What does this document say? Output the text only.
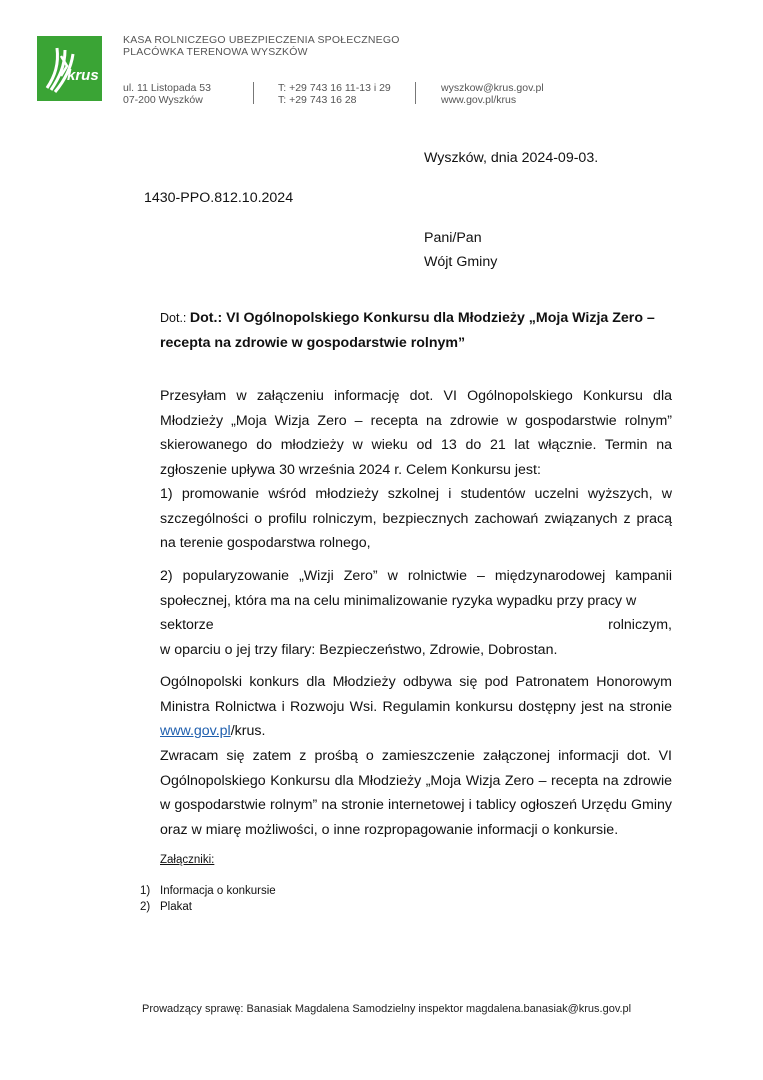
krus
KASA ROLNICZEGO UBEZPIECZENIA SPOŁECZNEGO
PLACÓWKA TERENOWA WYSZKÓW
ul. 11 Listopada 53
07-200 Wyszków
T: +29 743 16 11-13 i 29
T: +29 743 16 28
wyszkow@krus.gov.pl
www.gov.pl/krus
Wyszków, dnia 2024-09-03.
1430-PPO.812.10.2024
Pani/Pan
Wójt Gminy
Dot.: Dot.: VI Ogólnopolskiego Konkursu dla Młodzieży „Moja Wizja Zero –
recepta na zdrowie w gospodarstwie rolnym”
Przesyłam w załączeniu informację dot. VI Ogólnopolskiego Konkursu dla Młodzieży „Moja Wizja Zero – recepta na zdrowie w gospodarstwie rolnym” skierowanego do młodzieży w wieku od 13 do 21 lat włącznie. Termin na zgłoszenie upływa 30 września 2024 r. Celem Konkursu jest:
1) promowanie wśród młodzieży szkolnej i studentów uczelni wyższych, w szczególności o profilu rolniczym, bezpiecznych zachowań związanych z pracą na terenie gospodarstwa rolnego,
2) popularyzowanie „Wizji Zero” w rolnictwie – międzynarodowej kampanii społecznej, która ma na celu minimalizowanie ryzyka wypadku przy pracy w
sektorze	rolniczym,
w oparciu o jej trzy filary: Bezpieczeństwo, Zdrowie, Dobrostan.
Ogólnopolski konkurs dla Młodzieży odbywa się pod Patronatem Honorowym Ministra Rolnictwa i Rozwoju Wsi. Regulamin konkursu dostępny jest na stronie www.gov.pl/krus.
Zwracam się zatem z prośbą o zamieszczenie załączonej informacji dot. VI Ogólnopolskiego Konkursu dla Młodzieży „Moja Wizja Zero – recepta na zdrowie w gospodarstwie rolnym” na stronie internetowej i tablicy ogłoszeń Urzędu Gminy oraz w miarę możliwości, o inne rozpropagowanie informacji o konkursie.
Załączniki:
1) Informacja o konkursie
2) Plakat
Prowadzący sprawę: Banasiak Magdalena Samodzielny inspektor magdalena.banasiak@krus.gov.pl
